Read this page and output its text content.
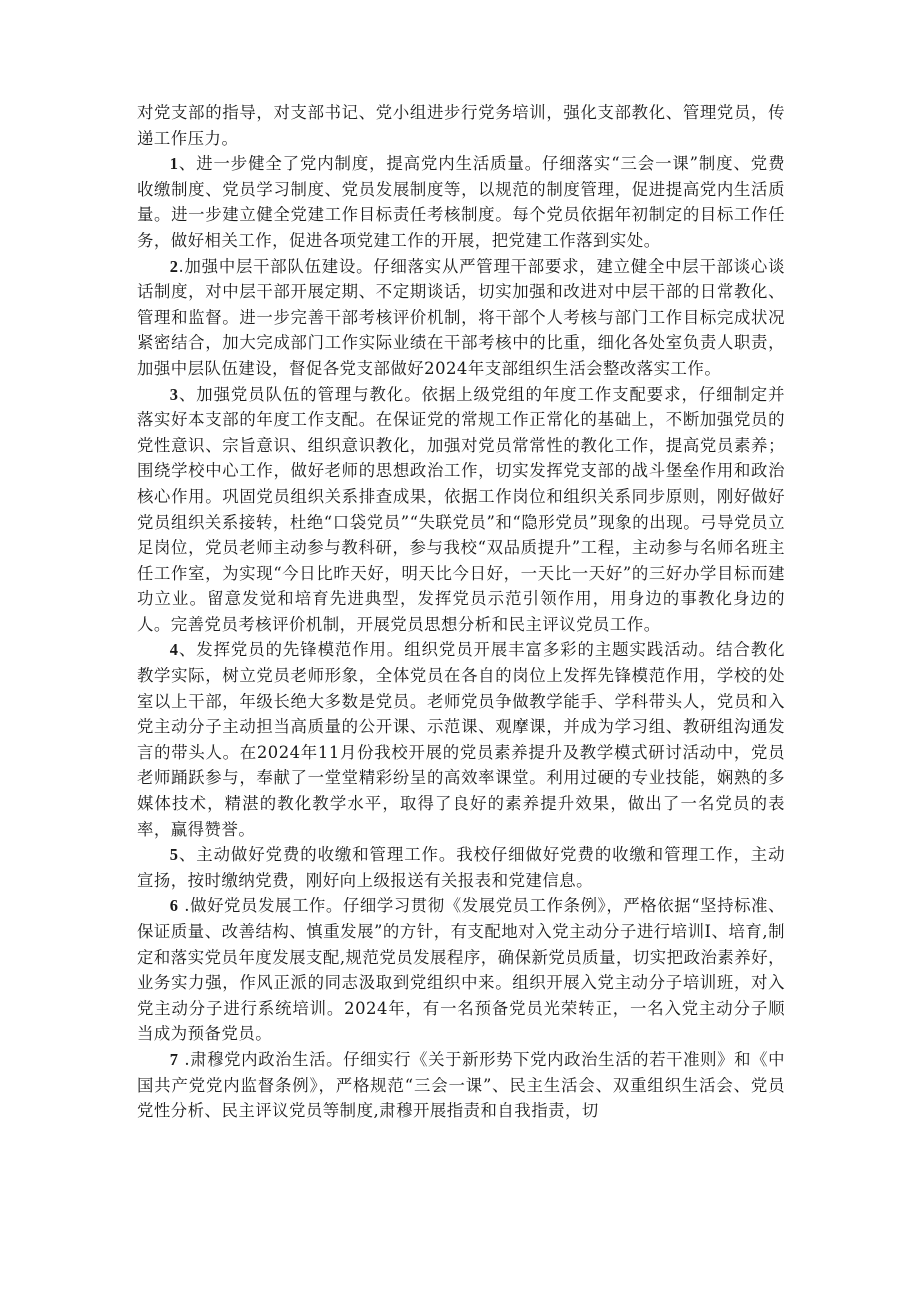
对党支部的指导，对支部书记、党小组进步行党务培训，强化支部教化、管理党员，传递工作压力。

1、进一步健全了党内制度，提高党内生活质量。仔细落实“三会一课”制度、党费收缴制度、党员学习制度、党员发展制度等，以规范的制度管理，促进提高党内生活质量。进一步建立健全党建工作目标责任考核制度。每个党员依据年初制定的目标工作任务，做好相关工作，促进各项党建工作的开展，把党建工作落到实处。

2.加强中层干部队伍建设。仔细落实从严管理干部要求，建立健全中层干部谈心谈话制度，对中层干部开展定期、不定期谈话，切实加强和改进对中层干部的日常教化、管理和监督。进一步完善干部考核评价机制，将干部个人考核与部门工作目标完成状况紧密结合，加大完成部门工作实际业绩在干部考核中的比重，细化各处室负责人职责，加强中层队伍建设，督促各党支部做好2024年支部组织生活会整改落实工作。

3、加强党员队伍的管理与教化。依据上级党组的年度工作支配要求，仔细制定并落实好本支部的年度工作支配。在保证党的常规工作正常化的基础上，不断加强党员的党性意识、宗旨意识、组织意识教化，加强对党员常常性的教化工作，提高党员素养；围绕学校中心工作，做好老师的思想政治工作，切实发挥党支部的战斗堡垒作用和政治核心作用。巩固党员组织关系排查成果，依据工作岗位和组织关系同步原则，刚好做好党员组织关系接转，杜绝“口袋党员”“失联党员”和“隐形党员”现象的出现。弓导党员立足岗位，党员老师主动参与教科研，参与我校“双品质提升”工程，主动参与名师名班主任工作室，为实现“今日比昨天好，明天比今日好，一天比一天好”的三好办学目标而建功立业。留意发觉和培育先进典型，发挥党员示范引领作用，用身边的事教化身边的人。完善党员考核评价机制，开展党员思想分析和民主评议党员工作。

4、发挥党员的先锋模范作用。组织党员开展丰富多彩的主题实践活动。结合教化教学实际，树立党员老师形象，全体党员在各自的岗位上发挥先锋模范作用，学校的处室以上干部，年级长绝大多数是党员。老师党员争做教学能手、学科带头人，党员和入党主动分子主动担当高质量的公开课、示范课、观摩课，并成为学习组、教研组沟通发言的带头人。在2024年11月份我校开展的党员素养提升及教学模式研讨活动中，党员老师踊跃参与，奉献了一堂堂精彩纷呈的高效率课堂。利用过硬的专业技能，娴熟的多媒体技术，精湛的教化教学水平，取得了良好的素养提升效果，做出了一名党员的表率，赢得赞誉。

5、主动做好党费的收缴和管理工作。我校仔细做好党费的收缴和管理工作，主动宣扬，按时缴纳党费，刚好向上级报送有关报表和党建信息。

6 .做好党员发展工作。仔细学习贯彻《发展党员工作条例》，严格依据“坚持标准、保证质量、改善结构、慎重发展”的方针，有支配地对入党主动分子进行培训I、培育,制定和落实党员年度发展支配,规范党员发展程序，确保新党员质量，切实把政治素养好，业务实力强，作风正派的同志汲取到党组织中来。组织开展入党主动分子培训班，对入党主动分子进行系统培训。2024年，有一名预备党员光荣转正，一名入党主动分子顺当成为预备党员。

7 .肃穆党内政治生活。仔细实行《关于新形势下党内政治生活的若干准则》和《中国共产党党内监督条例》，严格规范“三会一课”、民主生活会、双重组织生活会、党员党性分析、民主评议党员等制度,肃穆开展指责和自我指责，切
